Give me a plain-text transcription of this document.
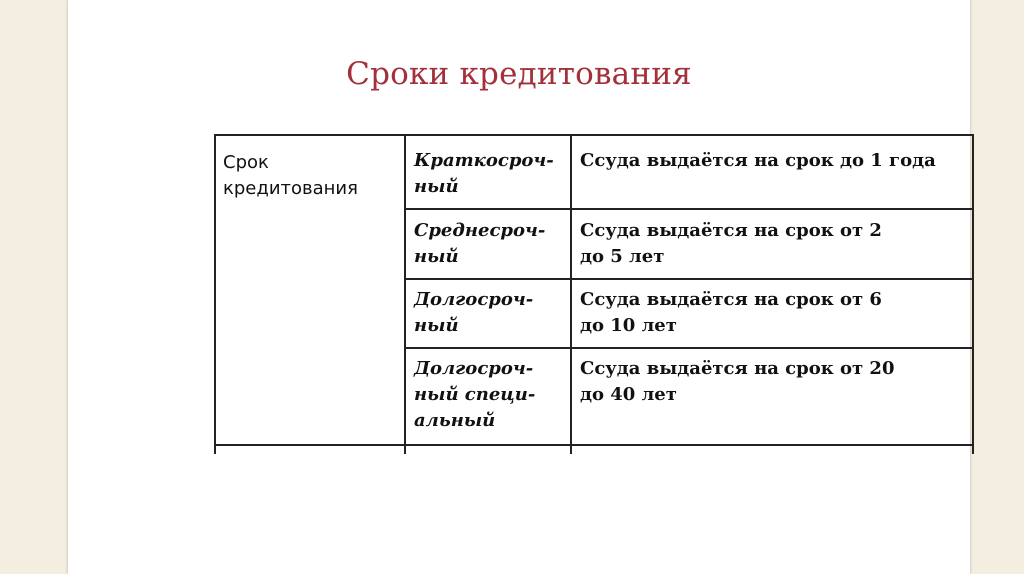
Сроки кредитования
Срок
кредитования
Краткосроч-
ный
Ссуда выдаётся на срок до 1 года
Среднесроч-
ный
Ссуда выдаётся на срок от 2
до 5 лет
Долгосроч-
ный
Ссуда выдаётся на срок от 6
до 10 лет
Долгосроч-
ный специ-
альный
Ссуда выдаётся на срок от 20
до 40 лет
